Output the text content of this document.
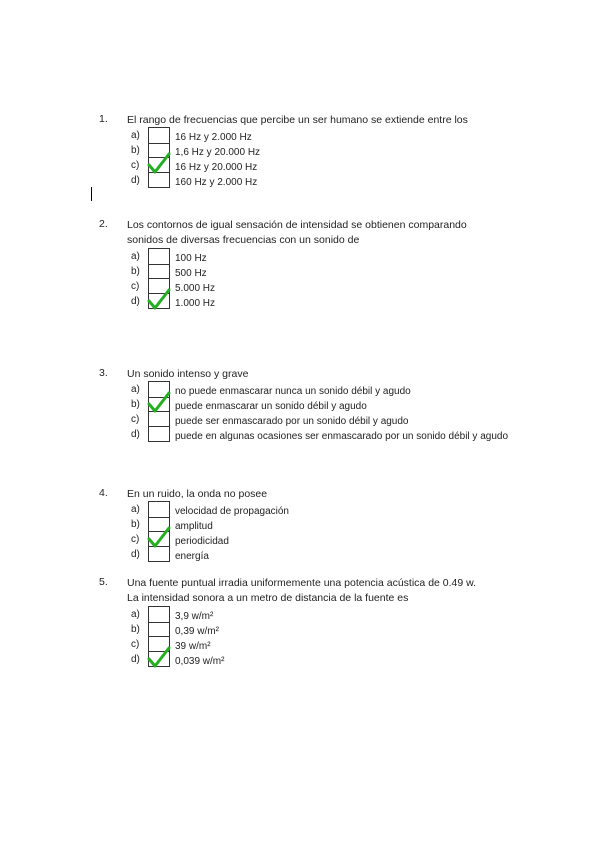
1. El rango de frecuencias que percibe un ser humano se extiende entre los
a)	16 Hz y 2.000 Hz
b)	1,6 Hz y 20.000 Hz
c)	16 Hz y 20.000 Hz
d)	160 Hz y 2.000 Hz
2. Los contornos de igual sensación de intensidad se obtienen comparando
sonidos de diversas frecuencias con un sonido de
a)	100 Hz
b)	500 Hz
c)	5.000 Hz
d)	1.000 Hz
3. Un sonido intenso y grave
a)	no puede enmascarar nunca un sonido débil y agudo
b)	puede enmascarar un sonido débil y agudo
c)	puede ser enmascarado por un sonido débil y agudo
d)	puede en algunas ocasiones ser enmascarado por un sonido débil y agudo
4. En un ruido, la onda no posee
a)	velocidad de propagación
b)	amplitud
c)	periodicidad
d)	energía
5. Una fuente puntual irradia uniformemente una potencia acústica de 0.49 w.
La intensidad sonora a un metro de distancia de la fuente es
a)	3,9 w/m²
b)	0,39 w/m²
c)	39 w/m²
d)	0,039 w/m²
